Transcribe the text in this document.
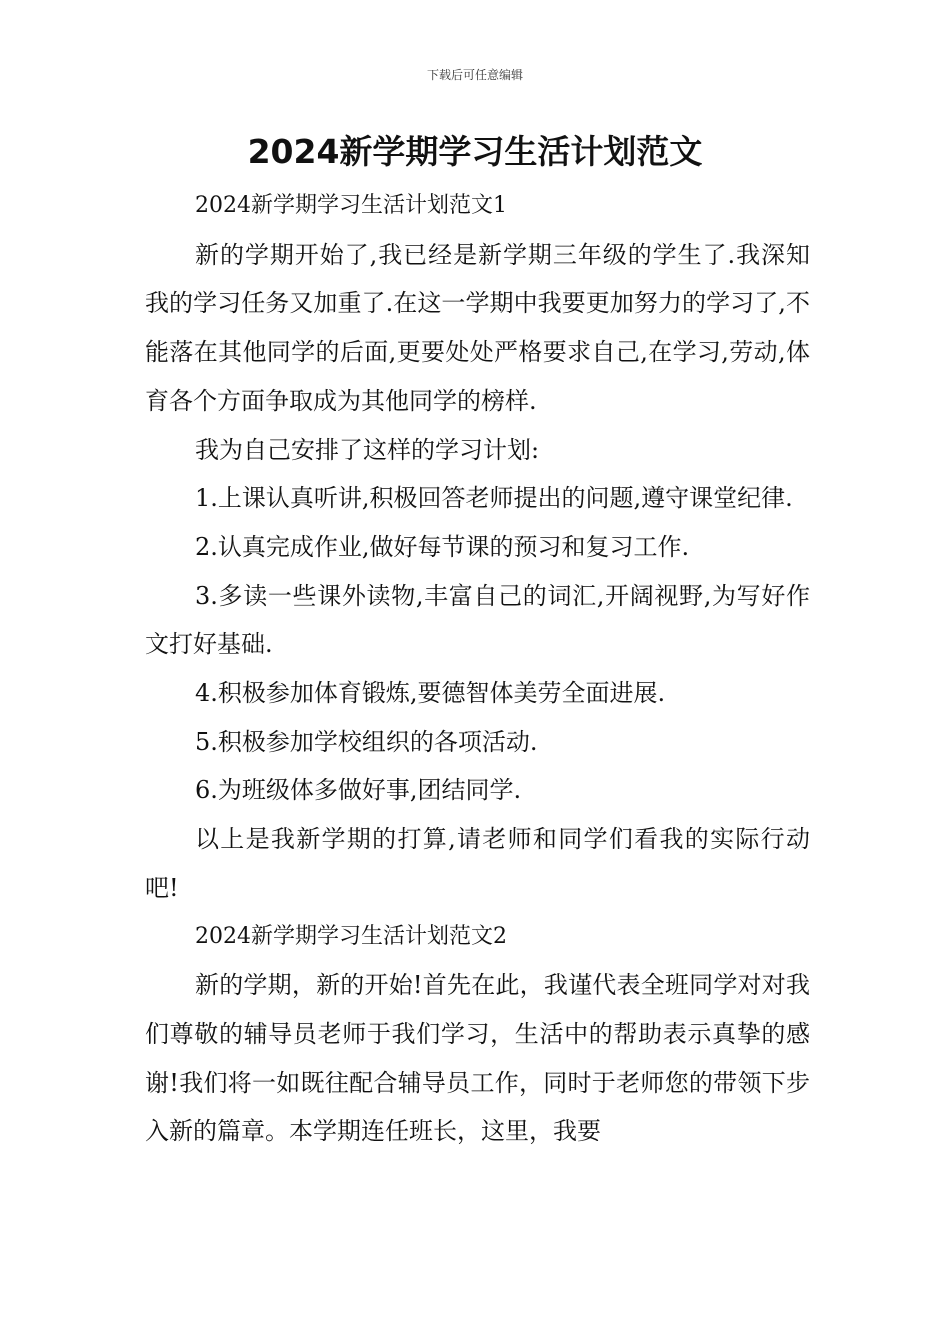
下载后可任意编辑
2024新学期学习生活计划范文

2024新学期学习生活计划范文1

新的学期开始了,我已经是新学期三年级的学生了.我深知我的学习任务又加重了.在这一学期中我要更加努力的学习了,不能落在其他同学的后面,更要处处严格要求自己,在学习,劳动,体育各个方面争取成为其他同学的榜样.

我为自己安排了这样的学习计划:

1.上课认真听讲,积极回答老师提出的问题,遵守课堂纪律.

2.认真完成作业,做好每节课的预习和复习工作.

3.多读一些课外读物,丰富自己的词汇,开阔视野,为写好作文打好基础.

4.积极参加体育锻炼,要德智体美劳全面进展.

5.积极参加学校组织的各项活动.

6.为班级体多做好事,团结同学.

以上是我新学期的打算,请老师和同学们看我的实际行动吧!

2024新学期学习生活计划范文2

新的学期，新的开始!首先在此，我谨代表全班同学对对我们尊敬的辅导员老师于我们学习，生活中的帮助表示真挚的感谢!我们将一如既往配合辅导员工作，同时于老师您的带领下步入新的篇章。本学期连任班长，这里，我要
